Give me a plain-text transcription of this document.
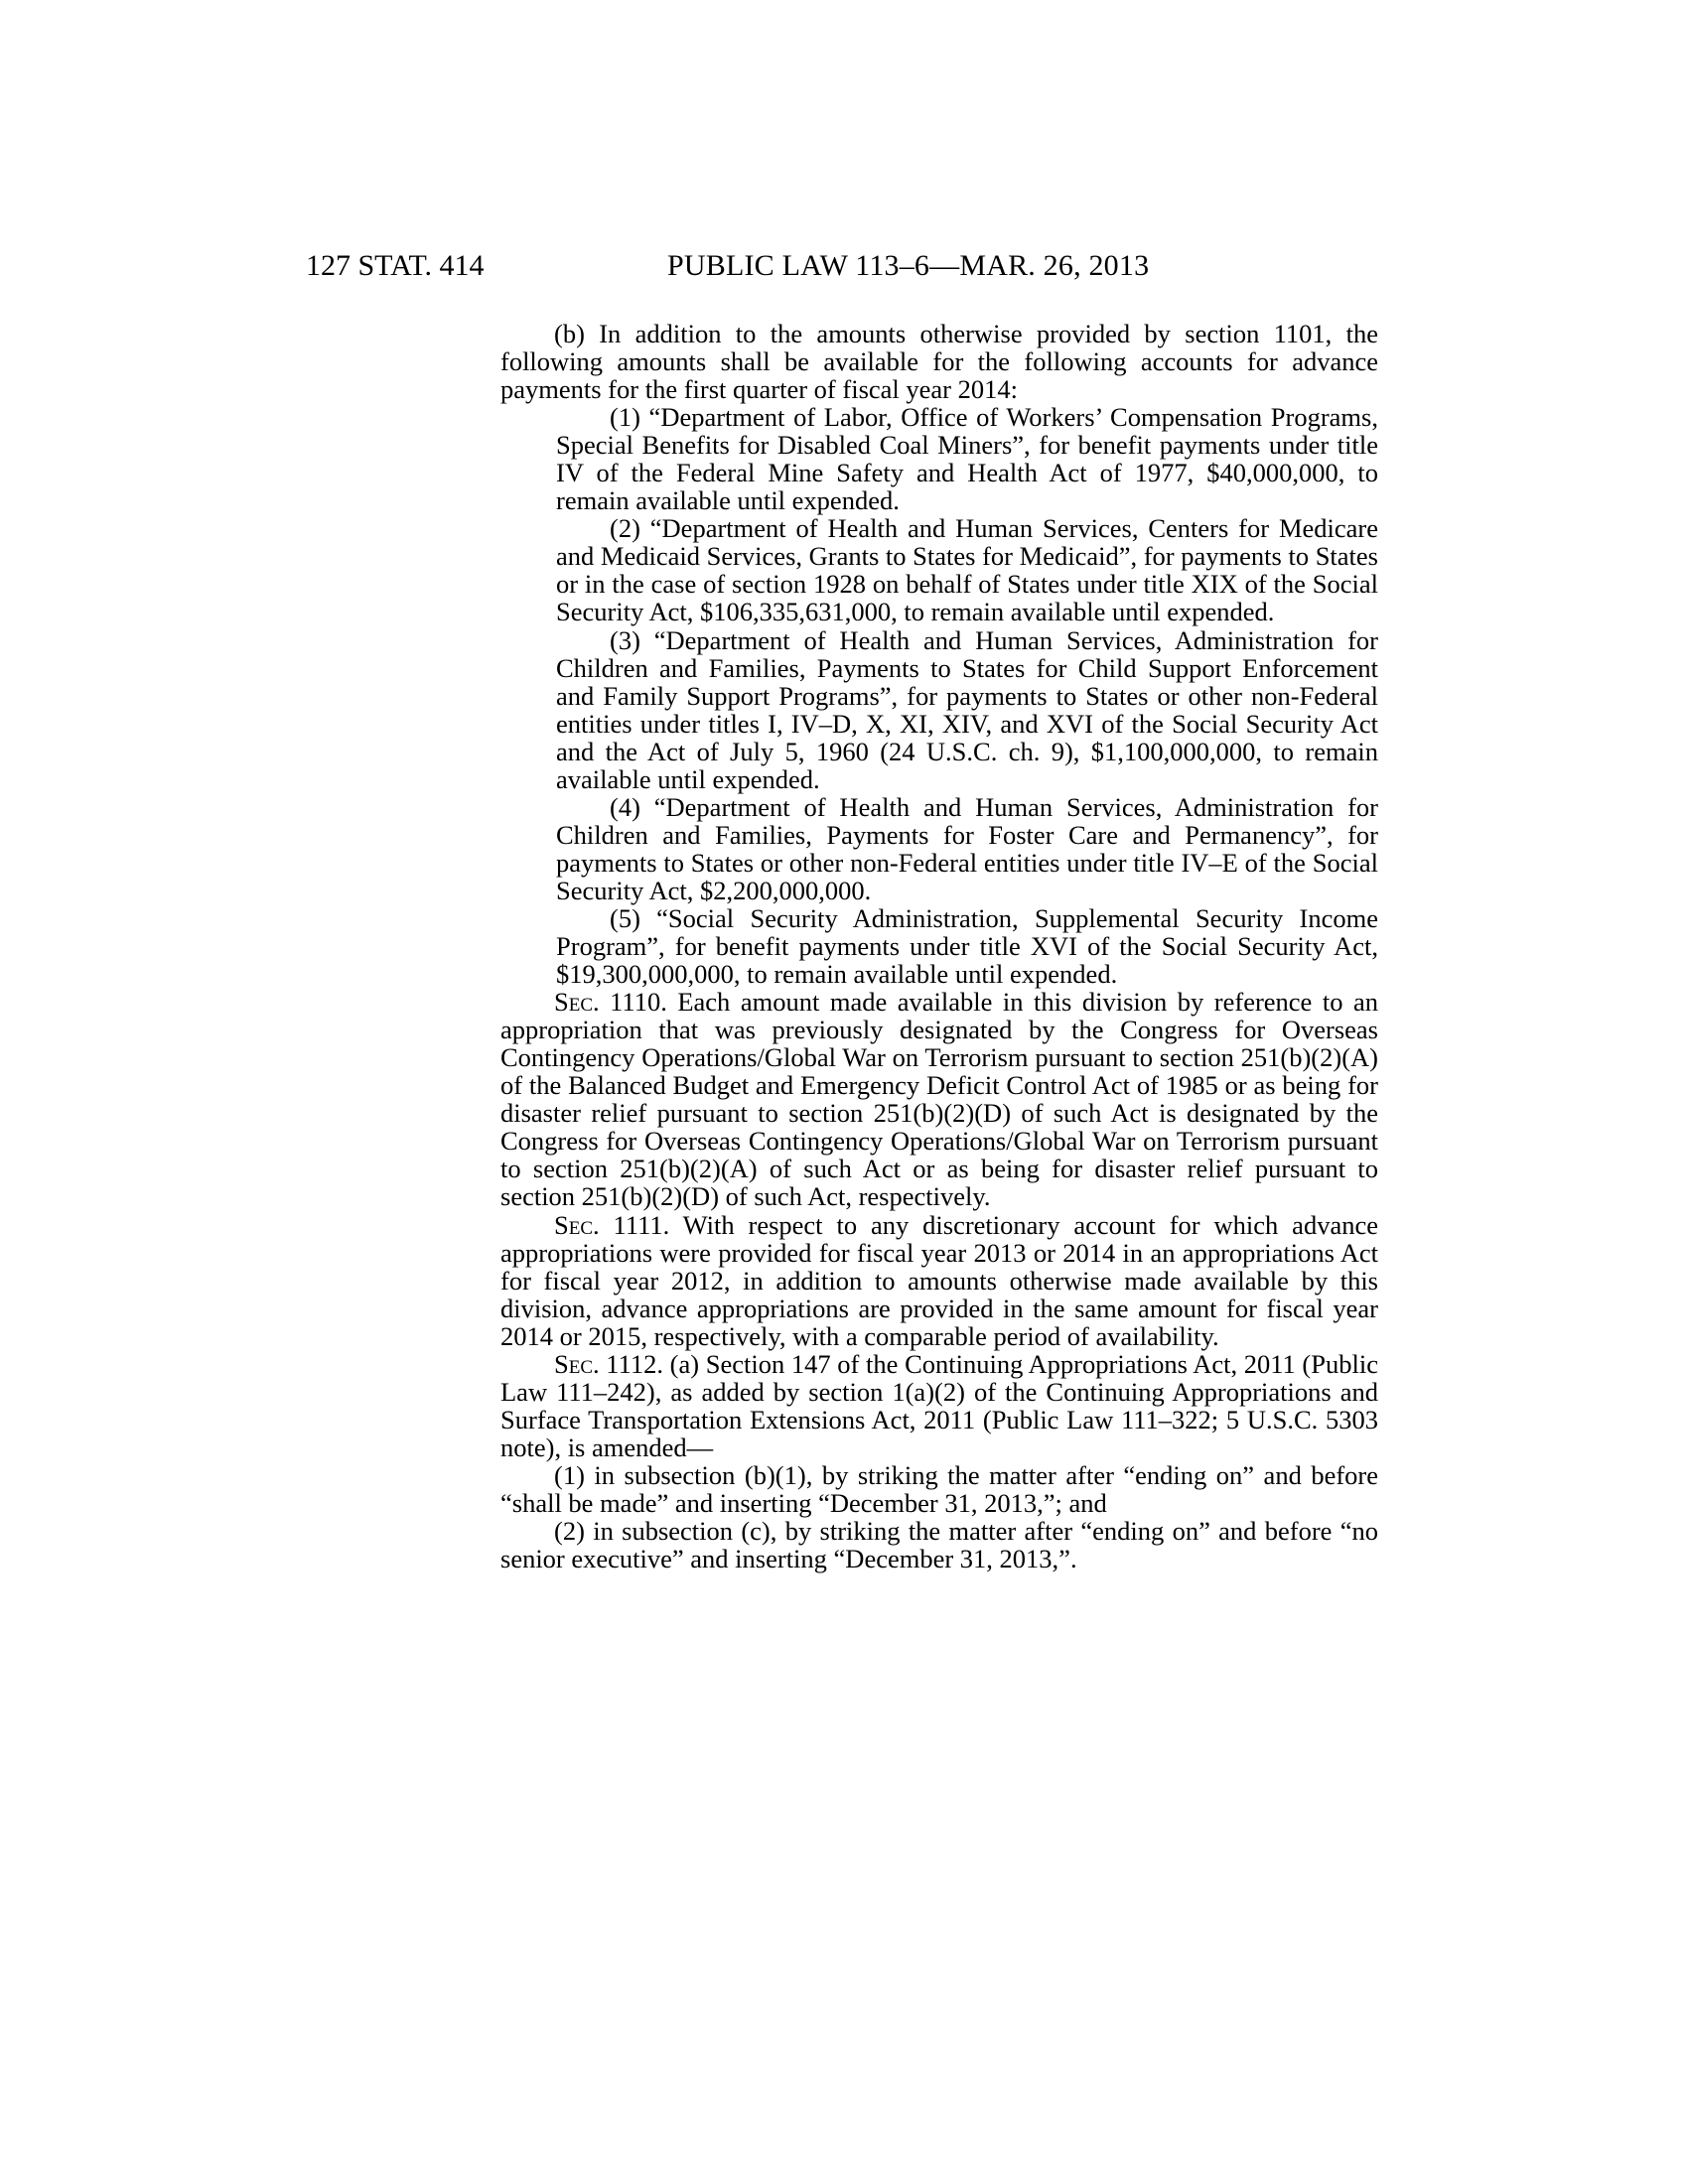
127 STAT. 414	PUBLIC LAW 113–6—MAR. 26, 2013

(b) In addition to the amounts otherwise provided by section 1101, the following amounts shall be available for the following accounts for advance payments for the first quarter of fiscal year 2014:

(1) “Department of Labor, Office of Workers’ Compensation Programs, Special Benefits for Disabled Coal Miners”, for benefit payments under title IV of the Federal Mine Safety and Health Act of 1977, $40,000,000, to remain available until expended.

(2) “Department of Health and Human Services, Centers for Medicare and Medicaid Services, Grants to States for Medicaid”, for payments to States or in the case of section 1928 on behalf of States under title XIX of the Social Security Act, $106,335,631,000, to remain available until expended.

(3) “Department of Health and Human Services, Administration for Children and Families, Payments to States for Child Support Enforcement and Family Support Programs”, for payments to States or other non-Federal entities under titles I, IV–D, X, XI, XIV, and XVI of the Social Security Act and the Act of July 5, 1960 (24 U.S.C. ch. 9), $1,100,000,000, to remain available until expended.

(4) “Department of Health and Human Services, Administration for Children and Families, Payments for Foster Care and Permanency”, for payments to States or other non-Federal entities under title IV–E of the Social Security Act, $2,200,000,000.

(5) “Social Security Administration, Supplemental Security Income Program”, for benefit payments under title XVI of the Social Security Act, $19,300,000,000, to remain available until expended.

Sec. 1110. Each amount made available in this division by reference to an appropriation that was previously designated by the Congress for Overseas Contingency Operations/Global War on Terrorism pursuant to section 251(b)(2)(A) of the Balanced Budget and Emergency Deficit Control Act of 1985 or as being for disaster relief pursuant to section 251(b)(2)(D) of such Act is designated by the Congress for Overseas Contingency Operations/Global War on Terrorism pursuant to section 251(b)(2)(A) of such Act or as being for disaster relief pursuant to section 251(b)(2)(D) of such Act, respectively.

Sec. 1111. With respect to any discretionary account for which advance appropriations were provided for fiscal year 2013 or 2014 in an appropriations Act for fiscal year 2012, in addition to amounts otherwise made available by this division, advance appropriations are provided in the same amount for fiscal year 2014 or 2015, respectively, with a comparable period of availability.

Sec. 1112. (a) Section 147 of the Continuing Appropriations Act, 2011 (Public Law 111–242), as added by section 1(a)(2) of the Continuing Appropriations and Surface Transportation Extensions Act, 2011 (Public Law 111–322; 5 U.S.C. 5303 note), is amended—

(1) in subsection (b)(1), by striking the matter after “ending on” and before “shall be made” and inserting “December 31, 2013,”; and

(2) in subsection (c), by striking the matter after “ending on” and before “no senior executive” and inserting “December 31, 2013,”.
